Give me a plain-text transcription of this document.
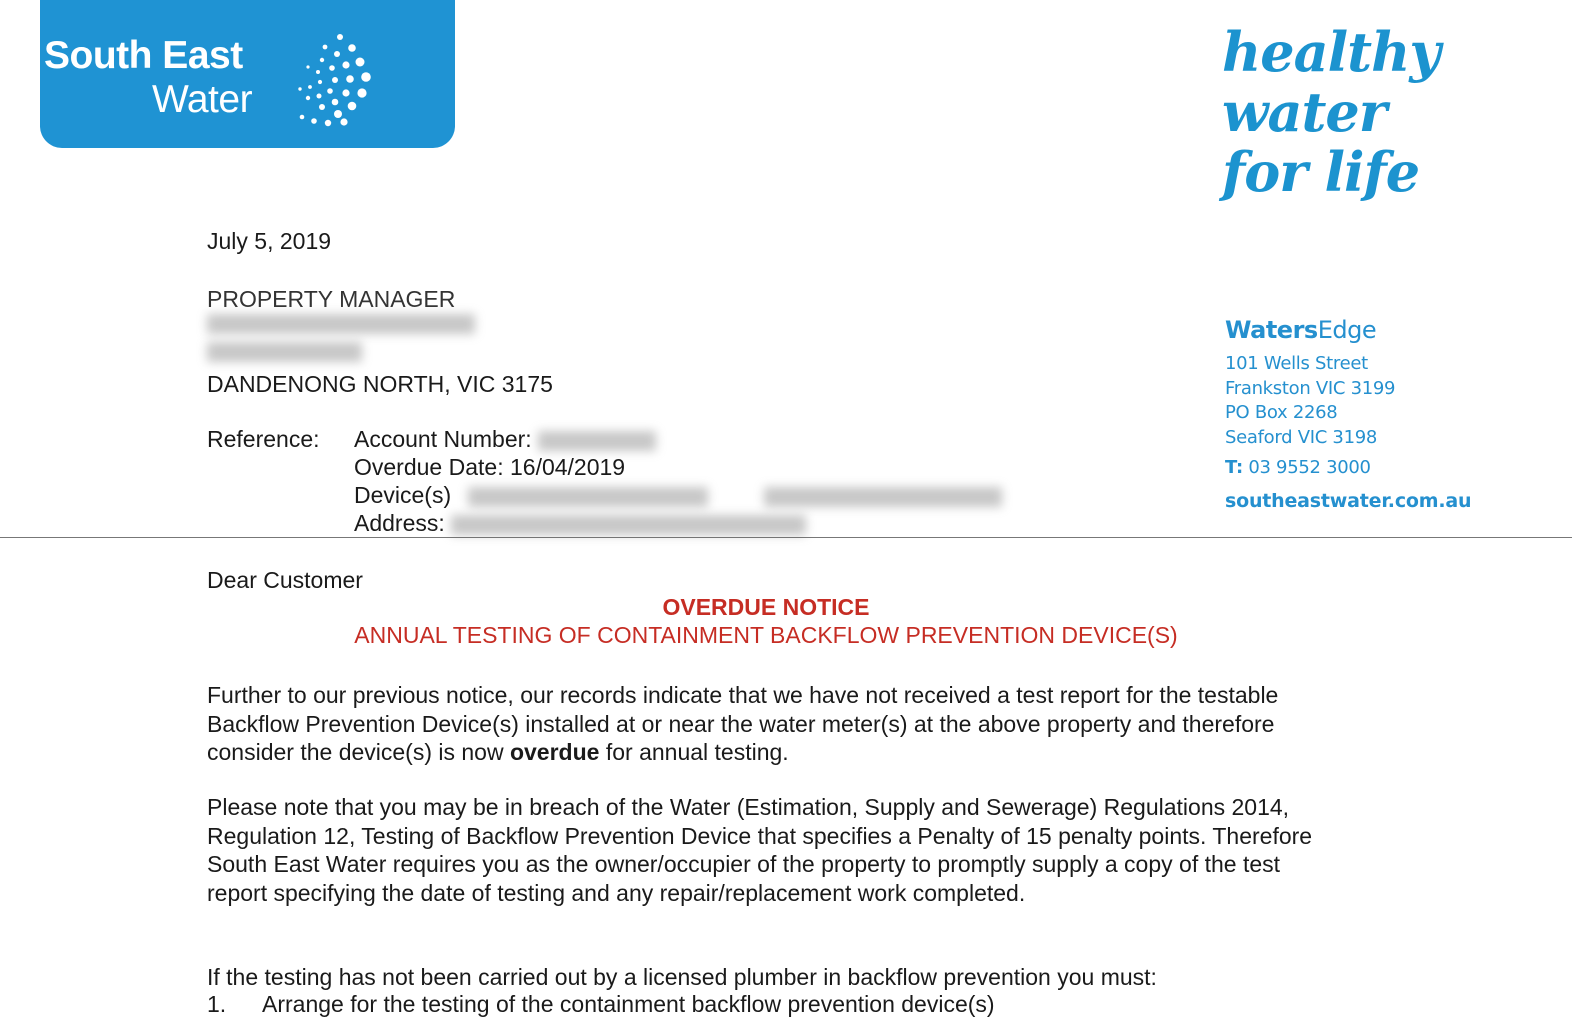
South East
Water
healthy
water
for life
WatersEdge
101 Wells Street
Frankston VIC 3199
PO Box 2268
Seaford VIC 3198
T: 03 9552 3000
southeastwater.com.au
July 5, 2019
PROPERTY MANAGER
DANDENONG NORTH, VIC 3175
Reference: Account Number:
Overdue Date: 16/04/2019
Device(s)
Address:
Dear Customer
OVERDUE NOTICE
ANNUAL TESTING OF CONTAINMENT BACKFLOW PREVENTION DEVICE(S)
Further to our previous notice, our records indicate that we have not received a test report for the testable Backflow Prevention Device(s) installed at or near the water meter(s) at the above property and therefore consider the device(s) is now overdue for annual testing.
Please note that you may be in breach of the Water (Estimation, Supply and Sewerage) Regulations 2014, Regulation 12, Testing of Backflow Prevention Device that specifies a Penalty of 15 penalty points. Therefore South East Water requires you as the owner/occupier of the property to promptly supply a copy of the test report specifying the date of testing and any repair/replacement work completed.
If the testing has not been carried out by a licensed plumber in backflow prevention you must:
1. Arrange for the testing of the containment backflow prevention device(s)
